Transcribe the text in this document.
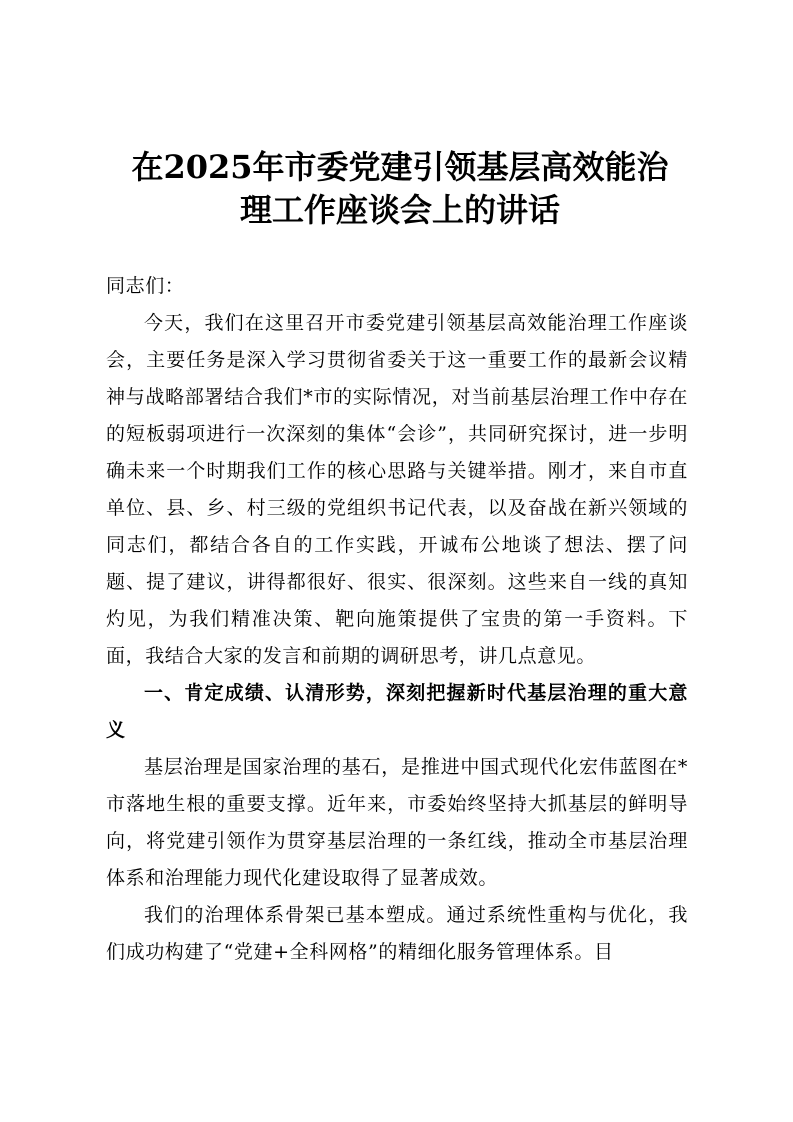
在2025年市委党建引领基层高效能治
理工作座谈会上的讲话

同志们：

今天，我们在这里召开市委党建引领基层高效能治理工作座谈会，主要任务是深入学习贯彻省委关于这一重要工作的最新会议精神与战略部署结合我们*市的实际情况，对当前基层治理工作中存在的短板弱项进行一次深刻的集体“会诊”，共同研究探讨，进一步明确未来一个时期我们工作的核心思路与关键举措。刚才，来自市直单位、县、乡、村三级的党组织书记代表，以及奋战在新兴领域的同志们，都结合各自的工作实践，开诚布公地谈了想法、摆了问题、提了建议，讲得都很好、很实、很深刻。这些来自一线的真知灼见，为我们精准决策、靶向施策提供了宝贵的第一手资料。下面，我结合大家的发言和前期的调研思考，讲几点意见。

一、肯定成绩、认清形势，深刻把握新时代基层治理的重大意义

基层治理是国家治理的基石，是推进中国式现代化宏伟蓝图在*市落地生根的重要支撑。近年来，市委始终坚持大抓基层的鲜明导向，将党建引领作为贯穿基层治理的一条红线，推动全市基层治理体系和治理能力现代化建设取得了显著成效。

我们的治理体系骨架已基本塑成。通过系统性重构与优化，我们成功构建了“党建+全科网格”的精细化服务管理体系。目
